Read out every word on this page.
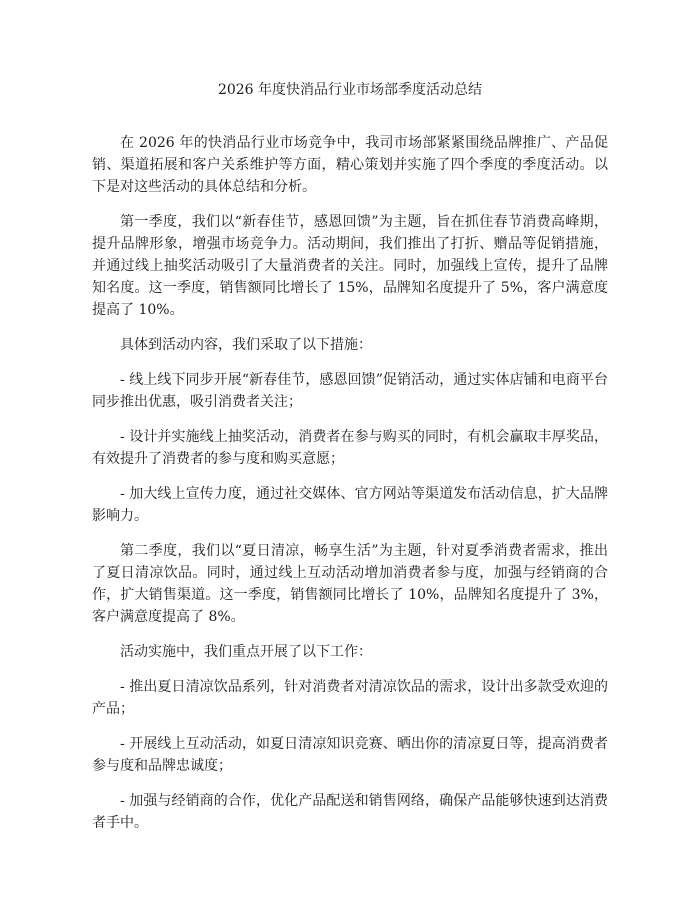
2026 年度快消品行业市场部季度活动总结

在 2026 年的快消品行业市场竞争中，我司市场部紧紧围绕品牌推广、产品促销、渠道拓展和客户关系维护等方面，精心策划并实施了四个季度的季度活动。以下是对这些活动的具体总结和分析。

第一季度，我们以“新春佳节，感恩回馈”为主题，旨在抓住春节消费高峰期，提升品牌形象，增强市场竞争力。活动期间，我们推出了打折、赠品等促销措施，并通过线上抽奖活动吸引了大量消费者的关注。同时，加强线上宣传，提升了品牌知名度。这一季度，销售额同比增长了 15%，品牌知名度提升了 5%，客户满意度提高了 10%。

具体到活动内容，我们采取了以下措施：

- 线上线下同步开展“新春佳节，感恩回馈”促销活动，通过实体店铺和电商平台同步推出优惠，吸引消费者关注；

- 设计并实施线上抽奖活动，消费者在参与购买的同时，有机会赢取丰厚奖品，有效提升了消费者的参与度和购买意愿；

- 加大线上宣传力度，通过社交媒体、官方网站等渠道发布活动信息，扩大品牌影响力。

第二季度，我们以“夏日清凉，畅享生活”为主题，针对夏季消费者需求，推出了夏日清凉饮品。同时，通过线上互动活动增加消费者参与度，加强与经销商的合作，扩大销售渠道。这一季度，销售额同比增长了 10%，品牌知名度提升了 3%，客户满意度提高了 8%。

活动实施中，我们重点开展了以下工作：

- 推出夏日清凉饮品系列，针对消费者对清凉饮品的需求，设计出多款受欢迎的产品；

- 开展线上互动活动，如夏日清凉知识竞赛、晒出你的清凉夏日等，提高消费者参与度和品牌忠诚度；

- 加强与经销商的合作，优化产品配送和销售网络，确保产品能够快速到达消费者手中。
